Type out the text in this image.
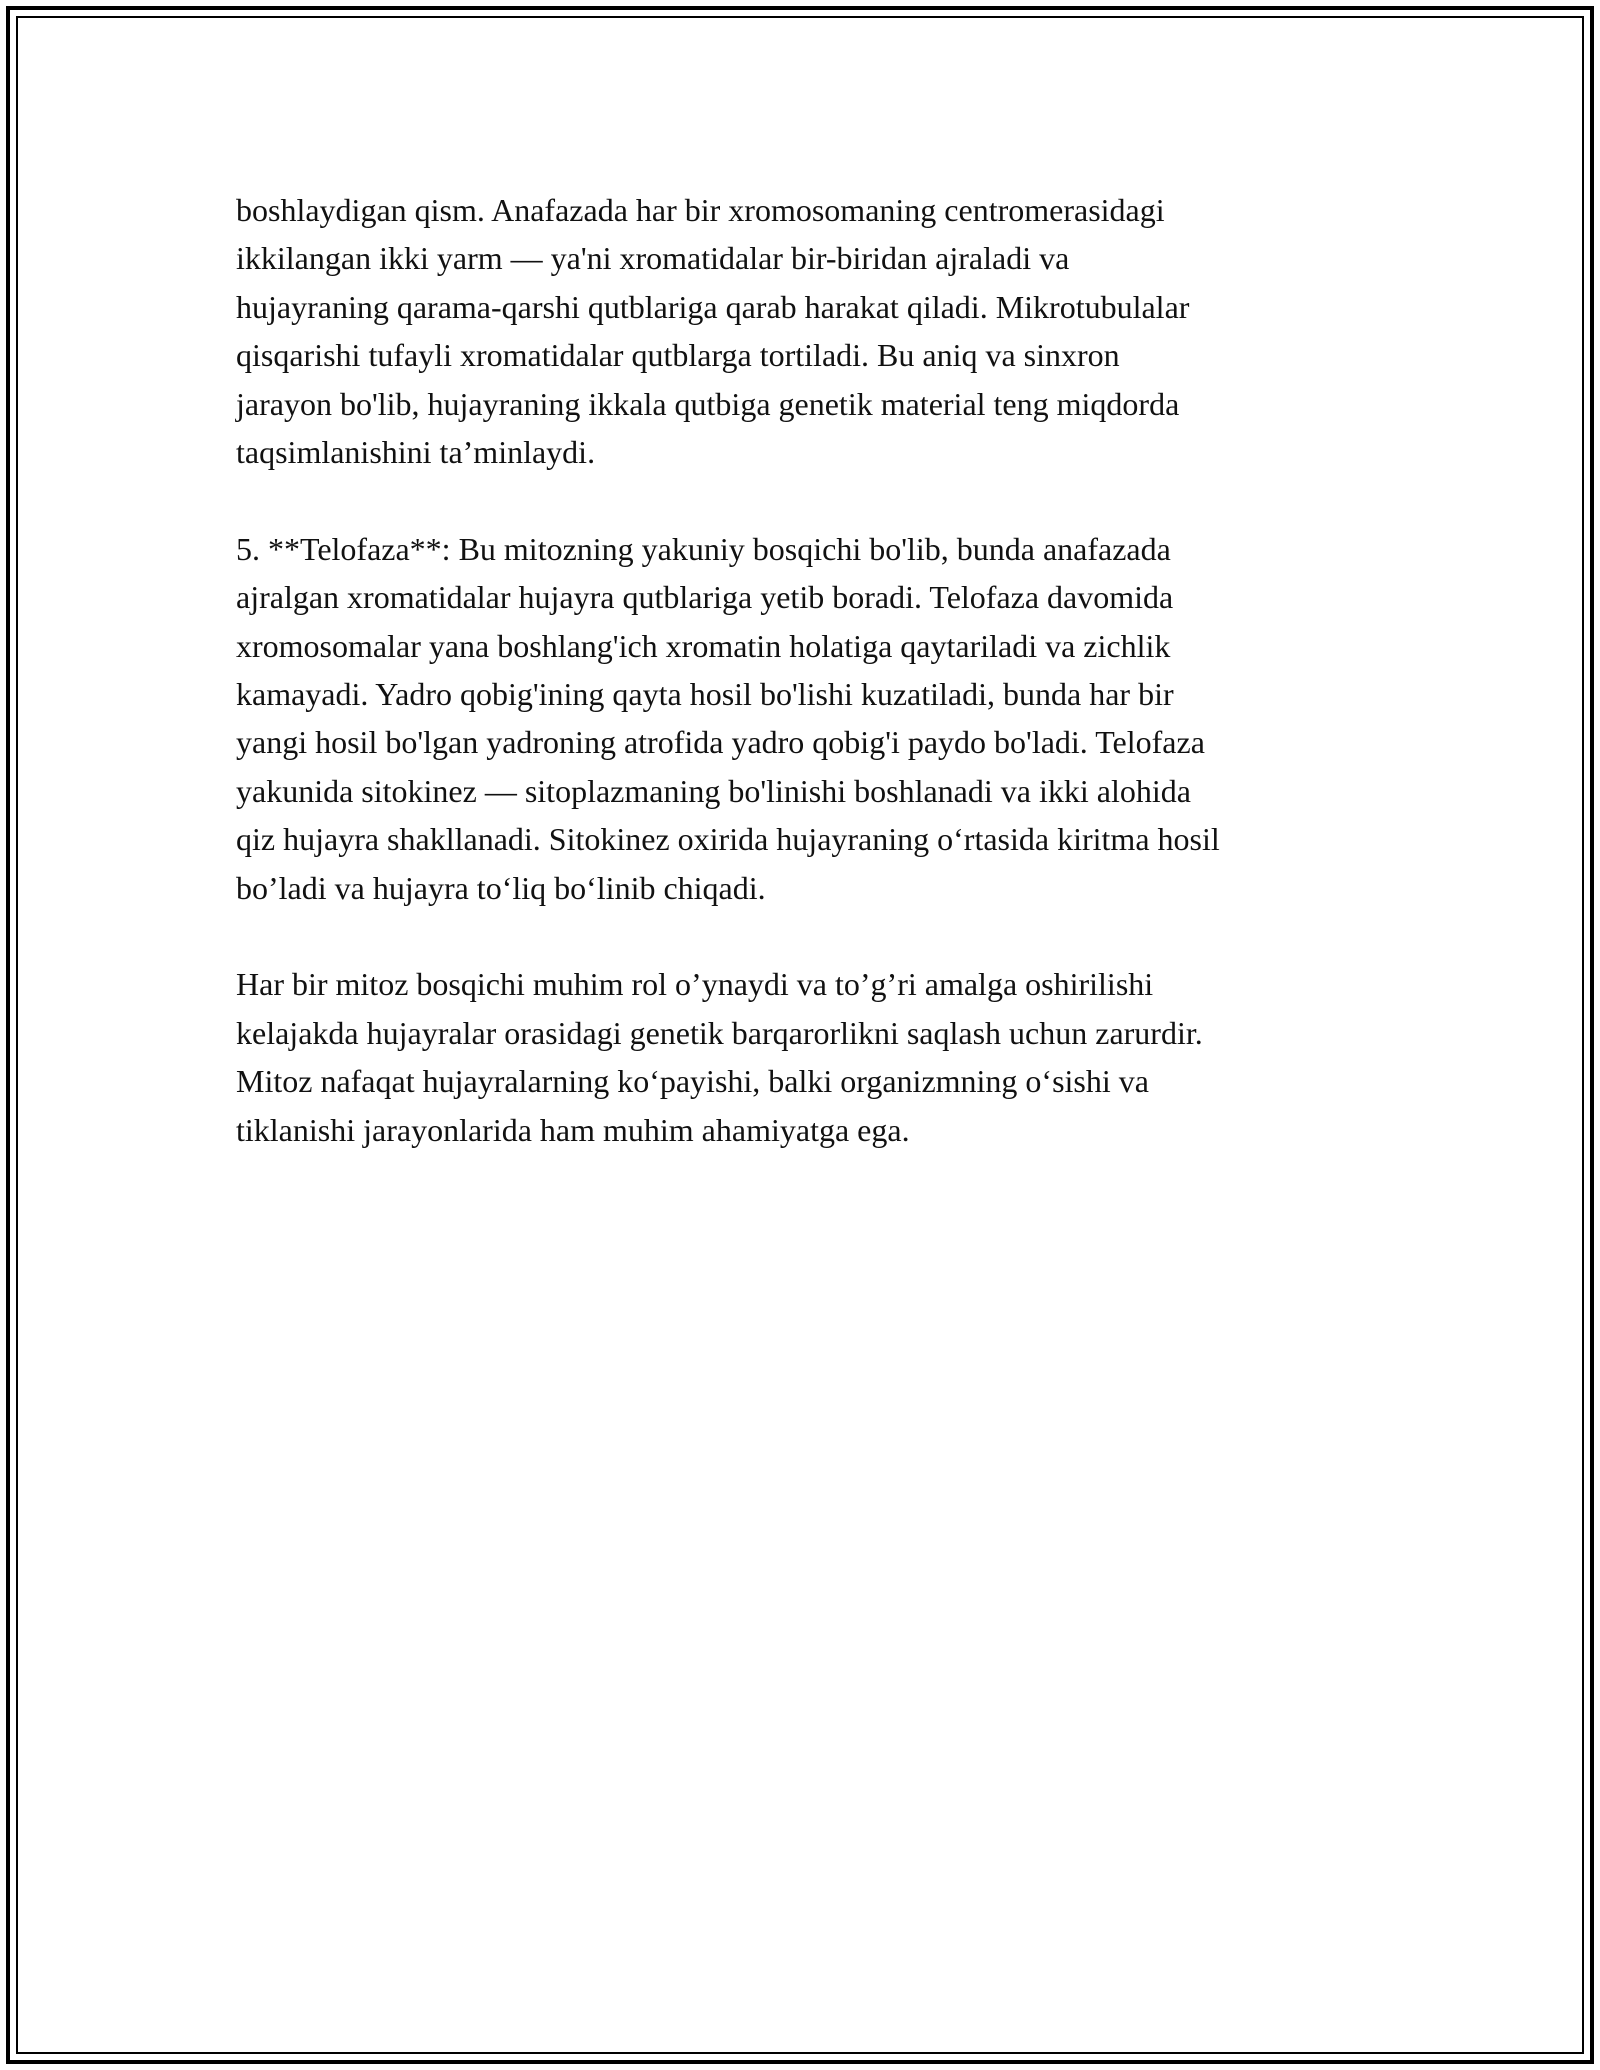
boshlaydigan qism. Anafazada har bir xromosomaning centromerasidagi
ikkilangan ikki yarm — ya'ni xromatidalar bir-biridan ajraladi va
hujayraning qarama-qarshi qutblariga qarab harakat qiladi. Mikrotubulalar
qisqarishi tufayli xromatidalar qutblarga tortiladi. Bu aniq va sinxron
jarayon bo'lib, hujayraning ikkala qutbiga genetik material teng miqdorda
taqsimlanishini ta’minlaydi.

5. **Telofaza**: Bu mitozning yakuniy bosqichi bo'lib, bunda anafazada
ajralgan xromatidalar hujayra qutblariga yetib boradi. Telofaza davomida
xromosomalar yana boshlang'ich xromatin holatiga qaytariladi va zichlik
kamayadi. Yadro qobig'ining qayta hosil bo'lishi kuzatiladi, bunda har bir
yangi hosil bo'lgan yadroning atrofida yadro qobig'i paydo bo'ladi. Telofaza
yakunida sitokinez — sitoplazmaning bo'linishi boshlanadi va ikki alohida
qiz hujayra shakllanadi. Sitokinez oxirida hujayraning o‘rtasida kiritma hosil
bo’ladi va hujayra to‘liq bo‘linib chiqadi.

Har bir mitoz bosqichi muhim rol o’ynaydi va to’g’ri amalga oshirilishi
kelajakda hujayralar orasidagi genetik barqarorlikni saqlash uchun zarurdir.
Mitoz nafaqat hujayralarning ko‘payishi, balki organizmning o‘sishi va
tiklanishi jarayonlarida ham muhim ahamiyatga ega.
